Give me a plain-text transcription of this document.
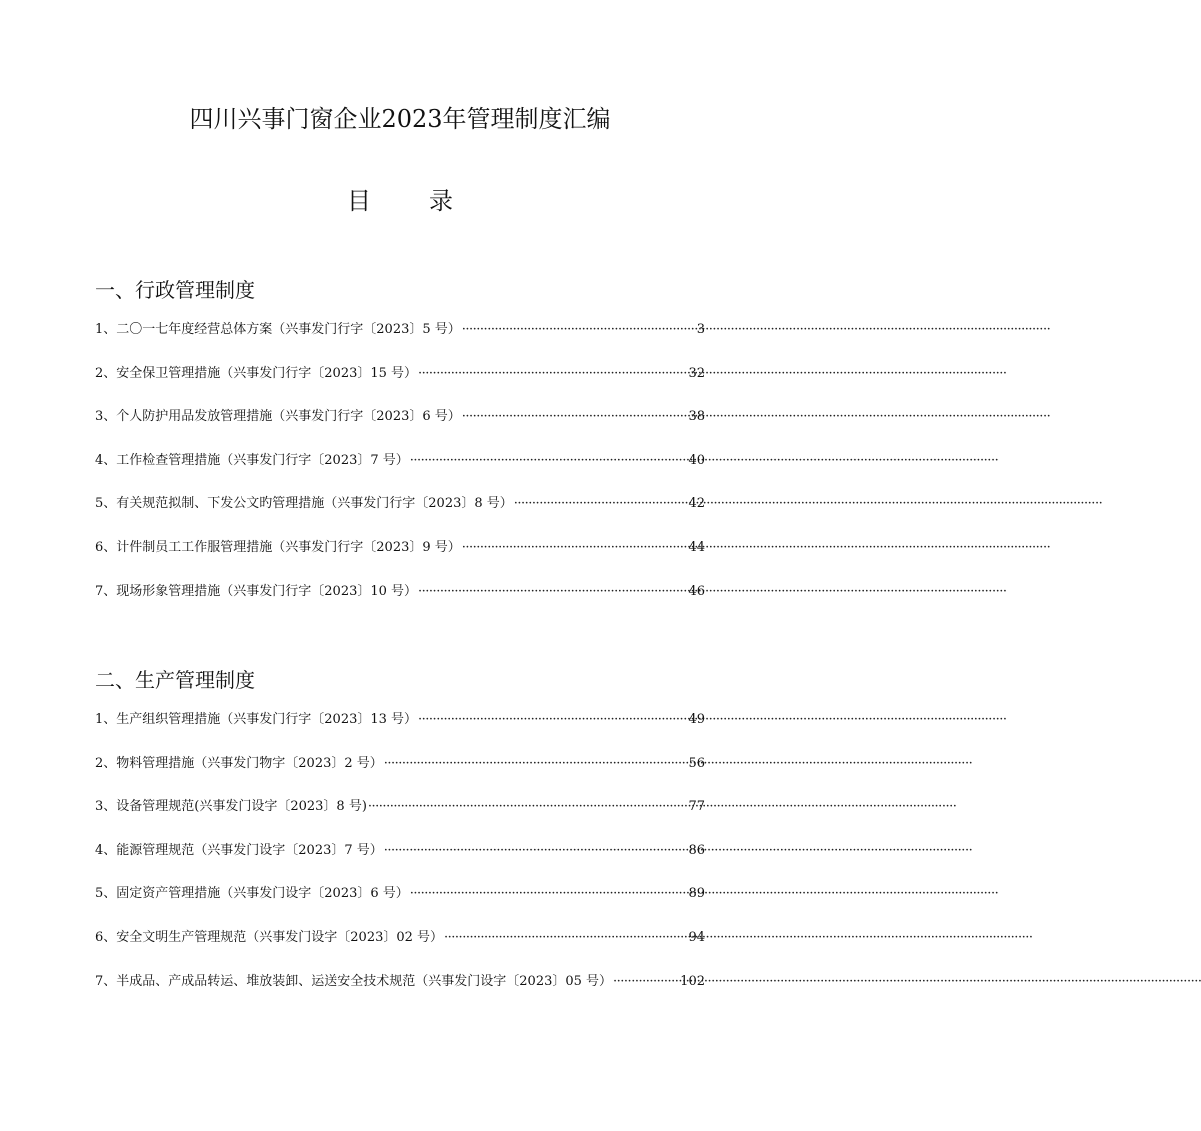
四川兴事门窗企业2023年管理制度汇编
目录
一、行政管理制度
1、二〇一七年度经营总体方案（兴事发门行字〔2023〕5 号） ·····	3
2、安全保卫管理措施（兴事发门行字〔2023〕15 号） ·····	32
3、个人防护用品发放管理措施（兴事发门行字〔2023〕6 号） ·····	38
4、工作检查管理措施（兴事发门行字〔2023〕7 号） ·····	40
5、有关规范拟制、下发公文旳管理措施（兴事发门行字〔2023〕8 号） ·····	42
6、计件制员工工作服管理措施（兴事发门行字〔2023〕9 号） ·····	44
7、现场形象管理措施（兴事发门行字〔2023〕10 号） ·····	46
二、生产管理制度
1、生产组织管理措施（兴事发门行字〔2023〕13 号） ·····	49
2、物料管理措施（兴事发门物字〔2023〕2 号） ·····	56
3、设备管理规范(兴事发门设字〔2023〕8 号) ·····	77
4、能源管理规范（兴事发门设字〔2023〕7 号） ·····	86
5、固定资产管理措施（兴事发门设字〔2023〕6 号） ·····	89
6、安全文明生产管理规范（兴事发门设字〔2023〕02 号） ·····	94
7、半成品、产成品转运、堆放装卸、运送安全技术规范（兴事发门设字〔2023〕05 号） ·····	102
